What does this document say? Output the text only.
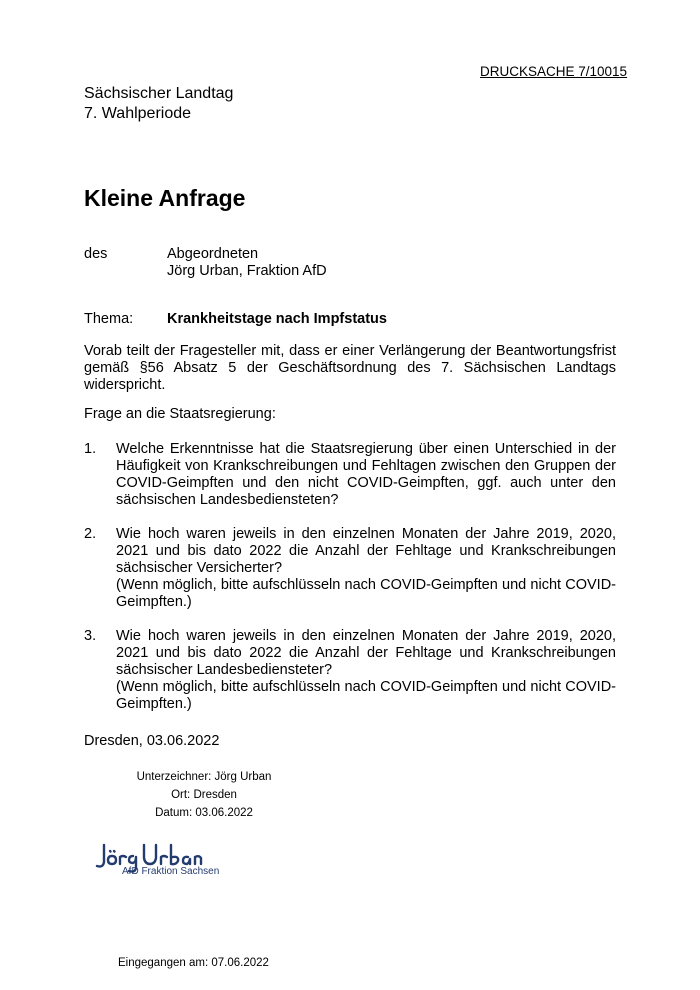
DRUCKSACHE 7/10015
Sächsischer Landtag
7. Wahlperiode
Kleine Anfrage
des	Abgeordneten
Jörg Urban, Fraktion AfD
Thema:	Krankheitstage nach Impfstatus
Vorab teilt der Fragesteller mit, dass er einer Verlängerung der Beantwortungsfrist gemäß §56 Absatz 5 der Geschäftsordnung des 7. Sächsischen Landtags widerspricht.
Frage an die Staatsregierung:
1.	Welche Erkenntnisse hat die Staatsregierung über einen Unterschied in der Häufigkeit von Krankschreibungen und Fehltagen zwischen den Gruppen der COVID-Geimpften und den nicht COVID-Geimpften, ggf. auch unter den sächsischen Landesbediensteten?
2.	Wie hoch waren jeweils in den einzelnen Monaten der Jahre 2019, 2020, 2021 und bis dato 2022 die Anzahl der Fehltage und Krankschreibungen sächsischer Versicherter?
(Wenn möglich, bitte aufschlüsseln nach COVID-Geimpften und nicht COVID-Geimpften.)
3.	Wie hoch waren jeweils in den einzelnen Monaten der Jahre 2019, 2020, 2021 und bis dato 2022 die Anzahl der Fehltage und Krankschreibungen sächsischer Landesbediensteter?
(Wenn möglich, bitte aufschlüsseln nach COVID-Geimpften und nicht COVID-Geimpften.)
Dresden, 03.06.2022
Unterzeichner: Jörg Urban
Ort: Dresden
Datum: 03.06.2022
AfD Fraktion Sachsen
Eingegangen am: 07.06.2022
